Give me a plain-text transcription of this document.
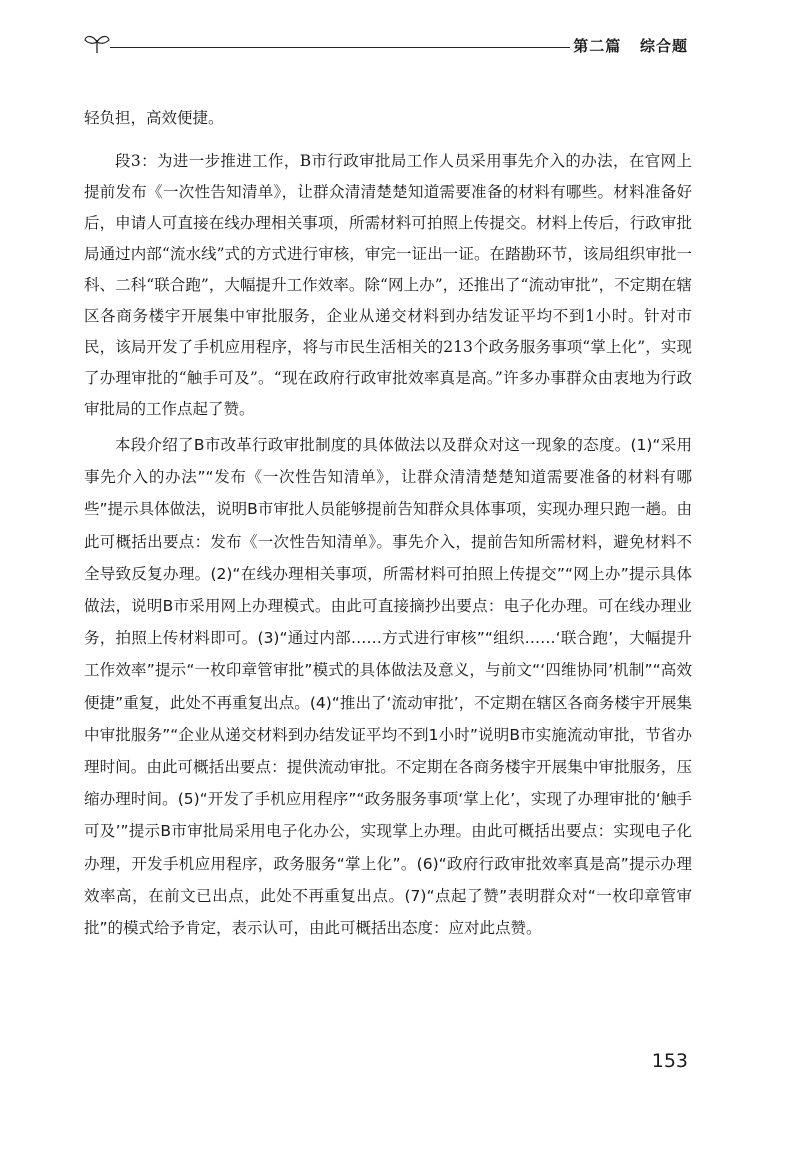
第二篇 综合题

轻负担，高效便捷。

段3：为进一步推进工作，B市行政审批局工作人员采用事先介入的办法，在官网上提前发布《一次性告知清单》，让群众清清楚楚知道需要准备的材料有哪些。材料准备好后，申请人可直接在线办理相关事项，所需材料可拍照上传提交。材料上传后，行政审批局通过内部“流水线”式的方式进行审核，审完一证出一证。在踏勘环节，该局组织审批一科、二科“联合跑”，大幅提升工作效率。除“网上办”，还推出了“流动审批”，不定期在辖区各商务楼宇开展集中审批服务，企业从递交材料到办结发证平均不到1小时。针对市民，该局开发了手机应用程序，将与市民生活相关的213个政务服务事项“掌上化”，实现了办理审批的“触手可及”。“现在政府行政审批效率真是高。”许多办事群众由衷地为行政审批局的工作点起了赞。

本段介绍了B市改革行政审批制度的具体做法以及群众对这一现象的态度。(1)“采用事先介入的办法”“发布《一次性告知清单》，让群众清清楚楚知道需要准备的材料有哪些”提示具体做法，说明B市审批人员能够提前告知群众具体事项，实现办理只跑一趟。由此可概括出要点：发布《一次性告知清单》。事先介入，提前告知所需材料，避免材料不全导致反复办理。(2)“在线办理相关事项，所需材料可拍照上传提交”“网上办”提示具体做法，说明B市采用网上办理模式。由此可直接摘抄出要点：电子化办理。可在线办理业务，拍照上传材料即可。(3)“通过内部……方式进行审核”“组织……‘联合跑’，大幅提升工作效率”提示“一枚印章管审批”模式的具体做法及意义，与前文“‘四维协同’机制”“高效便捷”重复，此处不再重复出点。(4)“推出了‘流动审批’，不定期在辖区各商务楼宇开展集中审批服务”“企业从递交材料到办结发证平均不到1小时”说明B市实施流动审批，节省办理时间。由此可概括出要点：提供流动审批。不定期在各商务楼宇开展集中审批服务，压缩办理时间。(5)“开发了手机应用程序”“政务服务事项‘掌上化’，实现了办理审批的‘触手可及’”提示B市审批局采用电子化办公，实现掌上办理。由此可概括出要点：实现电子化办理，开发手机应用程序，政务服务“掌上化”。(6)“政府行政审批效率真是高”提示办理效率高，在前文已出点，此处不再重复出点。(7)“点起了赞”表明群众对“一枚印章管审批”的模式给予肯定，表示认可，由此可概括出态度：应对此点赞。

153
